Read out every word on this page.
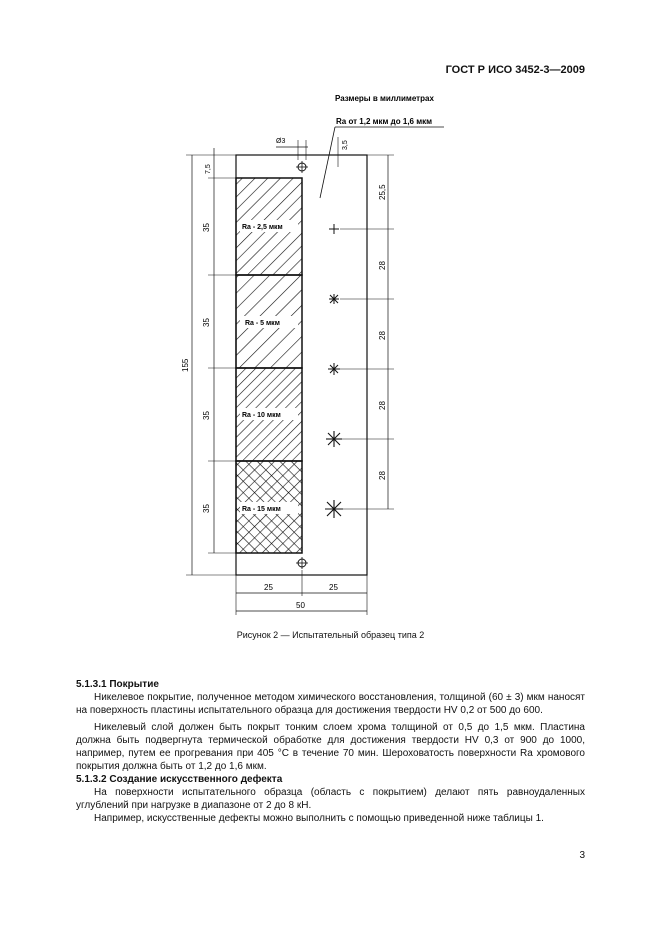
ГОСТ Р ИСО 3452-3—2009
Размеры в миллиметрах
Ra от 1,2 мкм до 1,6 мкм
Ra - 2,5 мкм
Ra - 5 мкм
Ra - 10 мкм
Ra - 15 мкм
Ø3	3,5
155
7,5
35
35
35
35
25,5
28
28
28
28
25	25
50
Рисунок 2 — Испытательный образец типа 2

5.1.3.1 Покрытие

Никелевое покрытие, полученное методом химического восстановления, толщиной (60 ± 3) мкм наносят на поверхность пластины испытательного образца для достижения твердости HV 0,2 от 500 до 600.

Никелевый слой должен быть покрыт тонким слоем хрома толщиной от 0,5 до 1,5 мкм. Пластина должна быть подвергнута термической обработке для достижения твердости HV 0,3 от 900 до 1000, например, путем ее прогревания при 405 °С в течение 70 мин. Шероховатость поверхности Ra хромового покрытия должна быть от 1,2 до 1,6 мкм.

5.1.3.2 Создание искусственного дефекта

На поверхности испытательного образца (область с покрытием) делают пять равноудаленных углублений при нагрузке в диапазоне от 2 до 8 кН.

Например, искусственные дефекты можно выполнить с помощью приведенной ниже таблицы 1.

3
